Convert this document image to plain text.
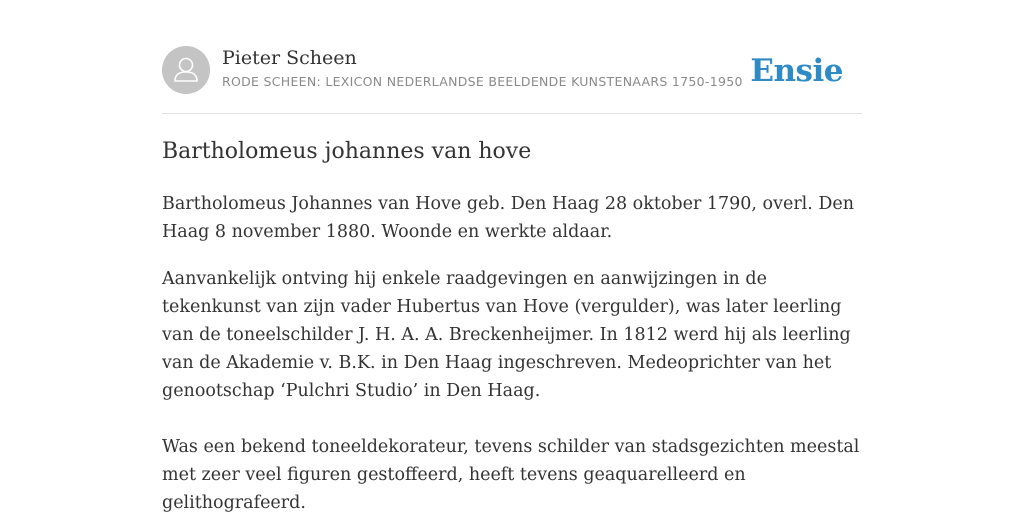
Pieter Scheen
RODE SCHEEN: LEXICON NEDERLANDSE BEELDENDE KUNSTENAARS 1750-1950 Ensie
Bartholomeus johannes van hove

Bartholomeus Johannes van Hove geb. Den Haag 28 oktober 1790, overl. Den Haag 8 november 1880. Woonde en werkte aldaar.

Aanvankelijk ontving hij enkele raadgevingen en aanwijzingen in de tekenkunst van zijn vader Hubertus van Hove (vergulder), was later leerling van de toneelschilder J. H. A. A. Breckenheijmer. In 1812 werd hij als leerling van de Akademie v. B.K. in Den Haag ingeschreven. Medeoprichter van het genootschap ‘Pulchri Studio’ in Den Haag.

Was een bekend toneeldekorateur, tevens schilder van stadsgezichten meestal met zeer veel figuren gestoffeerd, heeft tevens geaquarelleerd en gelithografeerd.
